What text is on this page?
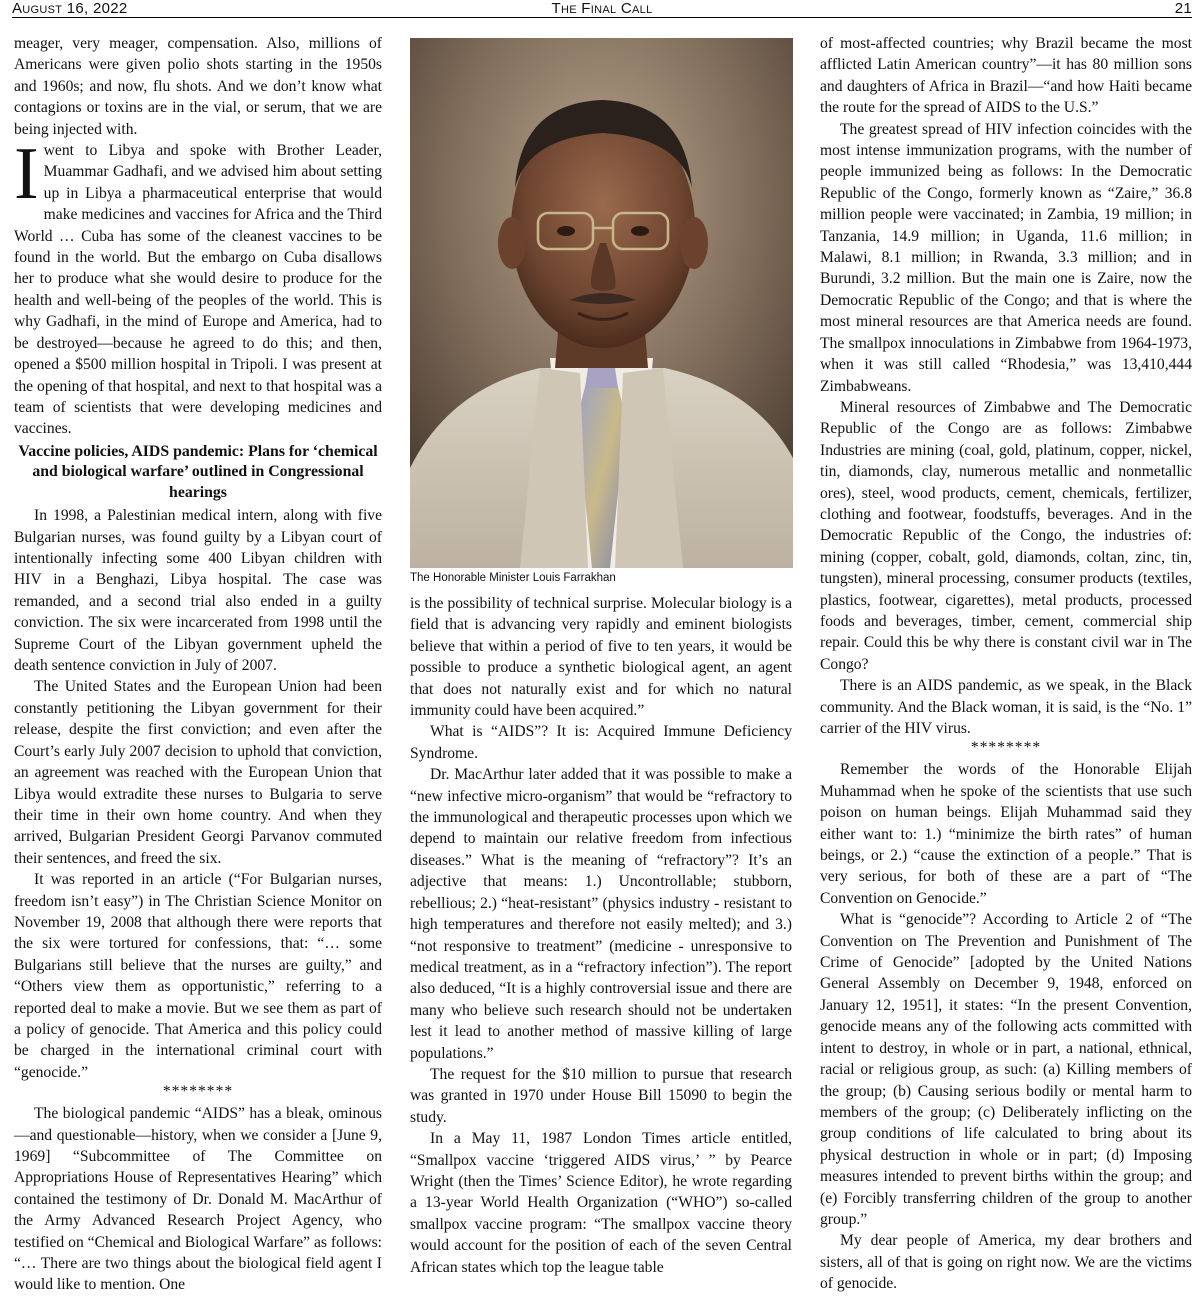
August 16, 2022	The Final Call	21

meager, very meager, compensation. Also, millions of Americans were given polio shots starting in the 1950s and 1960s; and now, flu shots. And we don’t know what contagions or toxins are in the vial, or serum, that we are being injected with.

Iwent to Libya and spoke with Brother Leader, Muammar Gadhafi, and we advised him about setting up in Libya a pharmaceutical enterprise that would make medicines and vaccines for Africa and the Third World … Cuba has some of the cleanest vaccines to be found in the world. But the embargo on Cuba disallows her to produce what she would desire to produce for the health and well-being of the peoples of the world. This is why Gadhafi, in the mind of Europe and America, had to be destroyed—because he agreed to do this; and then, opened a $500 million hospital in Tripoli. I was present at the opening of that hospital, and next to that hospital was a team of scientists that were developing medicines and vaccines.

Vaccine policies, AIDS pandemic: Plans for ‘chemical and biological warfare’ outlined in Congressional hearings

In 1998, a Palestinian medical intern, along with five Bulgarian nurses, was found guilty by a Libyan court of intentionally infecting some 400 Libyan children with HIV in a Benghazi, Libya hospital. The case was remanded, and a second trial also ended in a guilty conviction. The six were incarcerated from 1998 until the Supreme Court of the Libyan government upheld the death sentence conviction in July of 2007.

The United States and the European Union had been constantly petitioning the Libyan government for their release, despite the first conviction; and even after the Court’s early July 2007 decision to uphold that conviction, an agreement was reached with the European Union that Libya would extradite these nurses to Bulgaria to serve their time in their own home country. And when they arrived, Bulgarian President Georgi Parvanov commuted their sentences, and freed the six.

It was reported in an article (“For Bulgarian nurses, freedom isn’t easy”) in The Christian Science Monitor on November 19, 2008 that although there were reports that the six were tortured for confessions, that: “… some Bulgarians still believe that the nurses are guilty,” and “Others view them as opportunistic,” referring to a reported deal to make a movie. But we see them as part of a policy of genocide. That America and this policy could be charged in the international criminal court with “genocide.”

********

The biological pandemic “AIDS” has a bleak, ominous—and questionable—history, when we consider a [June 9, 1969] “Subcommittee of The Committee on Appropriations House of Representatives Hearing” which contained the testimony of Dr. Donald M. MacArthur of the Army Advanced Research Project Agency, who testified on “Chemical and Biological Warfare” as follows: “… There are two things about the biological field agent I would like to mention. One

The Honorable Minister Louis Farrakhan

is the possibility of technical surprise. Molecular biology is a field that is advancing very rapidly and eminent biologists believe that within a period of five to ten years, it would be possible to produce a synthetic biological agent, an agent that does not naturally exist and for which no natural immunity could have been acquired.”

What is “AIDS”? It is: Acquired Immune Deficiency Syndrome.

Dr. MacArthur later added that it was possible to make a “new infective micro-organism” that would be “refractory to the immunological and therapeutic processes upon which we depend to maintain our relative freedom from infectious diseases.” What is the meaning of “refractory”? It’s an adjective that means: 1.) Uncontrollable; stubborn, rebellious; 2.) “heat-resistant” (physics industry - resistant to high temperatures and therefore not easily melted); and 3.) “not responsive to treatment” (medicine - unresponsive to medical treatment, as in a “refractory infection”). The report also deduced, “It is a highly controversial issue and there are many who believe such research should not be undertaken lest it lead to another method of massive killing of large populations.”

The request for the $10 million to pursue that research was granted in 1970 under House Bill 15090 to begin the study.

In a May 11, 1987 London Times article entitled, “Smallpox vaccine ‘triggered AIDS virus,’ ” by Pearce Wright (then the Times’ Science Editor), he wrote regarding a 13-year World Health Organization (“WHO”) so-called smallpox vaccine program: “The smallpox vaccine theory would account for the position of each of the seven Central African states which top the league table

of most-affected countries; why Brazil became the most afflicted Latin American country”—it has 80 million sons and daughters of Africa in Brazil—“and how Haiti became the route for the spread of AIDS to the U.S.”

The greatest spread of HIV infection coincides with the most intense immunization programs, with the number of people immunized being as follows: In the Democratic Republic of the Congo, formerly known as “Zaire,” 36.8 million people were vaccinated; in Zambia, 19 million; in Tanzania, 14.9 million; in Uganda, 11.6 million; in Malawi, 8.1 million; in Rwanda, 3.3 million; and in Burundi, 3.2 million. But the main one is Zaire, now the Democratic Republic of the Congo; and that is where the most mineral resources are that America needs are found. The smallpox innoculations in Zimbabwe from 1964-1973, when it was still called “Rhodesia,” was 13,410,444 Zimbabweans.

Mineral resources of Zimbabwe and The Democratic Republic of the Congo are as follows: Zimbabwe Industries are mining (coal, gold, platinum, copper, nickel, tin, diamonds, clay, numerous metallic and nonmetallic ores), steel, wood products, cement, chemicals, fertilizer, clothing and footwear, foodstuffs, beverages. And in the Democratic Republic of the Congo, the industries of: mining (copper, cobalt, gold, diamonds, coltan, zinc, tin, tungsten), mineral processing, consumer products (textiles, plastics, footwear, cigarettes), metal products, processed foods and beverages, timber, cement, commercial ship repair. Could this be why there is constant civil war in The Congo?

There is an AIDS pandemic, as we speak, in the Black community. And the Black woman, it is said, is the “No. 1” carrier of the HIV virus.

********

Remember the words of the Honorable Elijah Muhammad when he spoke of the scientists that use such poison on human beings. Elijah Muhammad said they either want to: 1.) “minimize the birth rates” of human beings, or 2.) “cause the extinction of a people.” That is very serious, for both of these are a part of “The Convention on Genocide.”

What is “genocide”? According to Article 2 of “The Convention on The Prevention and Punishment of The Crime of Genocide” [adopted by the United Nations General Assembly on December 9, 1948, enforced on January 12, 1951], it states: “In the present Convention, genocide means any of the following acts committed with intent to destroy, in whole or in part, a national, ethnical, racial or religious group, as such: (a) Killing members of the group; (b) Causing serious bodily or mental harm to members of the group; (c) Deliberately inflicting on the group conditions of life calculated to bring about its physical destruction in whole or in part; (d) Imposing measures intended to prevent births within the group; and (e) Forcibly transferring children of the group to another group.”

My dear people of America, my dear brothers and sisters, all of that is going on right now. We are the victims of genocide.
